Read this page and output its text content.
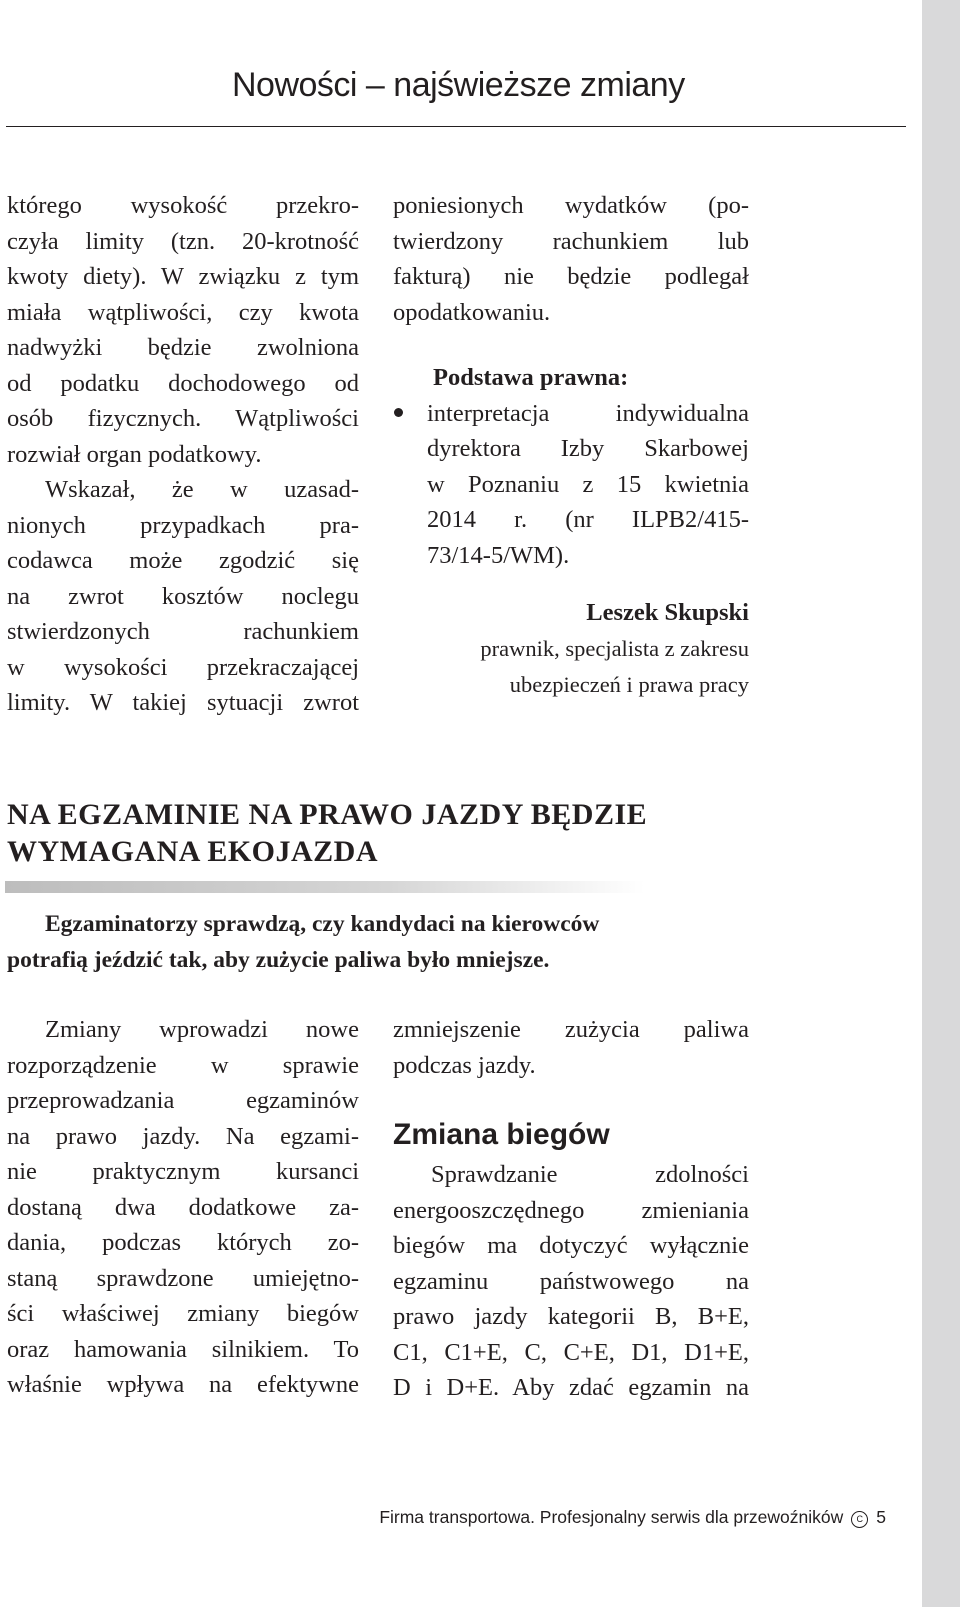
Nowości – najświeższe zmiany

którego wysokość przekro-
czyła limity (tzn. 20-krotność
kwoty diety). W związku z tym
miała wątpliwości, czy kwota
nadwyżki będzie zwolniona
od podatku dochodowego od
osób fizycznych. Wątpliwości
rozwiał organ podatkowy.

Wskazał, że w uzasad-
nionych przypadkach pra-
codawca może zgodzić się
na zwrot kosztów noclegu
stwierdzonych rachunkiem
w wysokości przekraczającej
limity. W takiej sytuacji zwrot

poniesionych wydatków (po-
twierdzony rachunkiem lub
fakturą) nie będzie podlegał
opodatkowaniu.

Podstawa prawna:

interpretacja indywidualna
dyrektora Izby Skarbowej
w Poznaniu z 15 kwietnia
2014 r. (nr ILPB2/415-
73/14-5/WM).

Leszek Skupski
prawnik, specjalista z zakresu
ubezpieczeń i prawa pracy

NA EGZAMINIE NA PRAWO JAZDY BĘDZIE
WYMAGANA EKOJAZDA

Egzaminatorzy sprawdzą, czy kandydaci na kierowców
potrafią jeździć tak, aby zużycie paliwa było mniejsze.

Zmiany wprowadzi nowe
rozporządzenie w sprawie
przeprowadzania egzaminów
na prawo jazdy. Na egzami-
nie praktycznym kursanci
dostaną dwa dodatkowe za-
dania, podczas których zo-
staną sprawdzone umiejętno-
ści właściwej zmiany biegów
oraz hamowania silnikiem. To
właśnie wpływa na efektywne

zmniejszenie zużycia paliwa
podczas jazdy.

Zmiana biegów

Sprawdzanie zdolności
energooszczędnego zmieniania
biegów ma dotyczyć wyłącznie
egzaminu państwowego na
prawo jazdy kategorii B, B+E,
C1, C1+E, C, C+E, D1, D1+E,
D i D+E. Aby zdać egzamin na

Firma transportowa. Profesjonalny serwis dla przewoźników C 5
